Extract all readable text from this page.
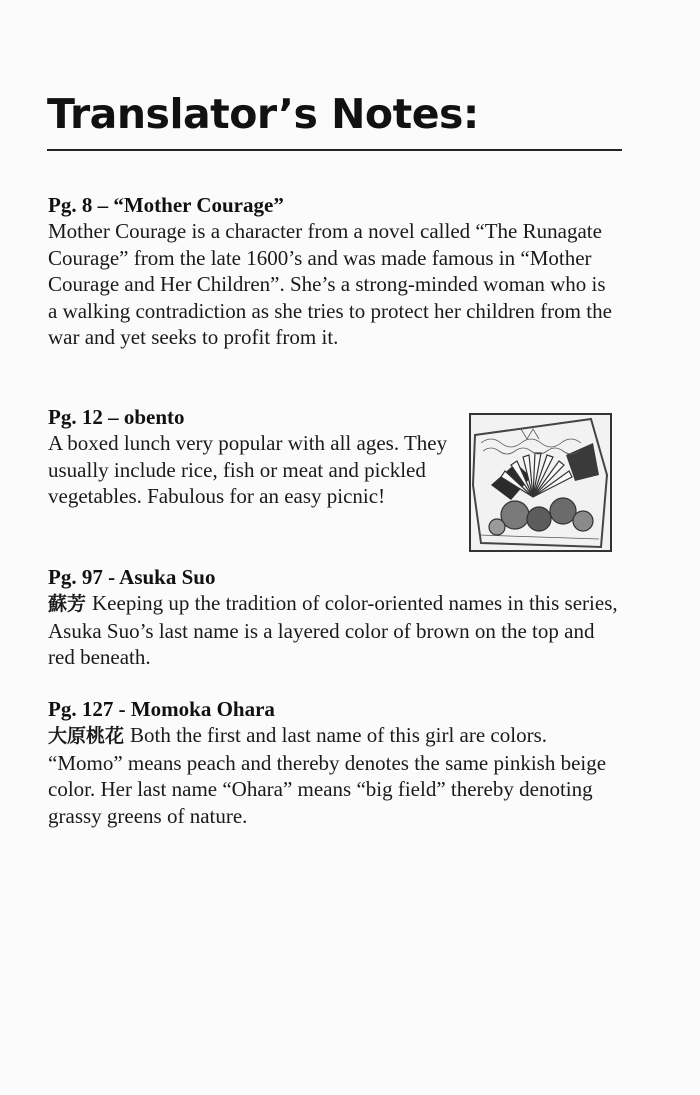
Translator’s Notes:

Pg. 8 – “Mother Courage”

Mother Courage is a character from a novel called “The Runagate Courage” from the late 1600’s and was made famous in “Mother Courage and Her Children”. She’s a strong-minded woman who is a walking contradiction as she tries to protect her children from the war and yet seeks to profit from it.

Pg. 12 – obento

A boxed lunch very popular with all ages. They usually include rice, fish or meat and pickled vegetables. Fabulous for an easy picnic!

Pg. 97 - Asuka Suo

蘇芳 Keeping up the tradition of color-oriented names in this series, Asuka Suo’s last name is a layered color of brown on the top and red beneath.

Pg. 127 - Momoka Ohara

大原桃花 Both the first and last name of this girl are colors. “Momo” means peach and thereby denotes the same pinkish beige color. Her last name “Ohara” means “big field” thereby denoting grassy greens of nature.
